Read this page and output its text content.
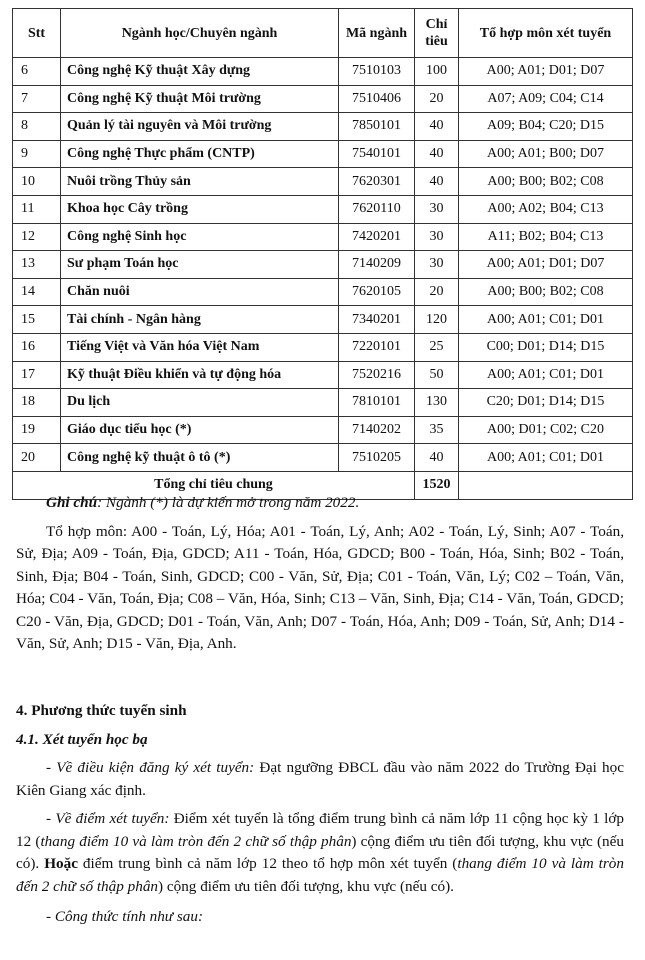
Stt	Ngành học/Chuyên ngành	Mã ngành	Chỉ tiêu	Tổ hợp môn xét tuyển
6	Công nghệ Kỹ thuật Xây dựng	7510103	100	A00; A01; D01; D07
7	Công nghệ Kỹ thuật Môi trường	7510406	20	A07; A09; C04; C14
8	Quản lý tài nguyên và Môi trường	7850101	40	A09; B04; C20; D15
9	Công nghệ Thực phẩm (CNTP)	7540101	40	A00; A01; B00; D07
10	Nuôi trồng Thủy sản	7620301	40	A00; B00; B02; C08
11	Khoa học Cây trồng	7620110	30	A00; A02; B04; C13
12	Công nghệ Sinh học	7420201	30	A11; B02; B04; C13
13	Sư phạm Toán học	7140209	30	A00; A01; D01; D07
14	Chăn nuôi	7620105	20	A00; B00; B02; C08
15	Tài chính - Ngân hàng	7340201	120	A00; A01; C01; D01
16	Tiếng Việt và Văn hóa Việt Nam	7220101	25	C00; D01; D14; D15
17	Kỹ thuật Điều khiển và tự động hóa	7520216	50	A00; A01; C01; D01
18	Du lịch	7810101	130	C20; D01; D14; D15
19	Giáo dục tiểu học (*)	7140202	35	A00; D01; C02; C20
20	Công nghệ kỹ thuật ô tô (*)	7510205	40	A00; A01; C01; D01
Tổng chỉ tiêu chung			1520	

Ghi chú: Ngành (*) là dự kiến mở trong năm 2022.

Tổ hợp môn: A00 - Toán, Lý, Hóa; A01 - Toán, Lý, Anh; A02 - Toán, Lý, Sinh; A07 - Toán, Sử, Địa; A09 - Toán, Địa, GDCD; A11 - Toán, Hóa, GDCD; B00 - Toán, Hóa, Sinh; B02 - Toán, Sinh, Địa; B04 - Toán, Sinh, GDCD; C00 - Văn, Sử, Địa; C01 - Toán, Văn, Lý; C02 – Toán, Văn, Hóa; C04 - Văn, Toán, Địa; C08 – Văn, Hóa, Sinh; C13 – Văn, Sinh, Địa; C14 - Văn, Toán, GDCD; C20 - Văn, Địa, GDCD; D01 - Toán, Văn, Anh; D07 - Toán, Hóa, Anh; D09 - Toán, Sử, Anh; D14 - Văn, Sử, Anh; D15 - Văn, Địa, Anh.

4. Phương thức tuyển sinh

4.1. Xét tuyển học bạ

- Về điều kiện đăng ký xét tuyển: Đạt ngưỡng ĐBCL đầu vào năm 2022 do Trường Đại học Kiên Giang xác định.

- Về điểm xét tuyển: Điểm xét tuyển là tổng điểm trung bình cả năm lớp 11 cộng học kỳ 1 lớp 12 (thang điểm 10 và làm tròn đến 2 chữ số thập phân) cộng điểm ưu tiên đối tượng, khu vực (nếu có). Hoặc điểm trung bình cả năm lớp 12 theo tổ hợp môn xét tuyển (thang điểm 10 và làm tròn đến 2 chữ số thập phân) cộng điểm ưu tiên đối tượng, khu vực (nếu có).

- Công thức tính như sau:
